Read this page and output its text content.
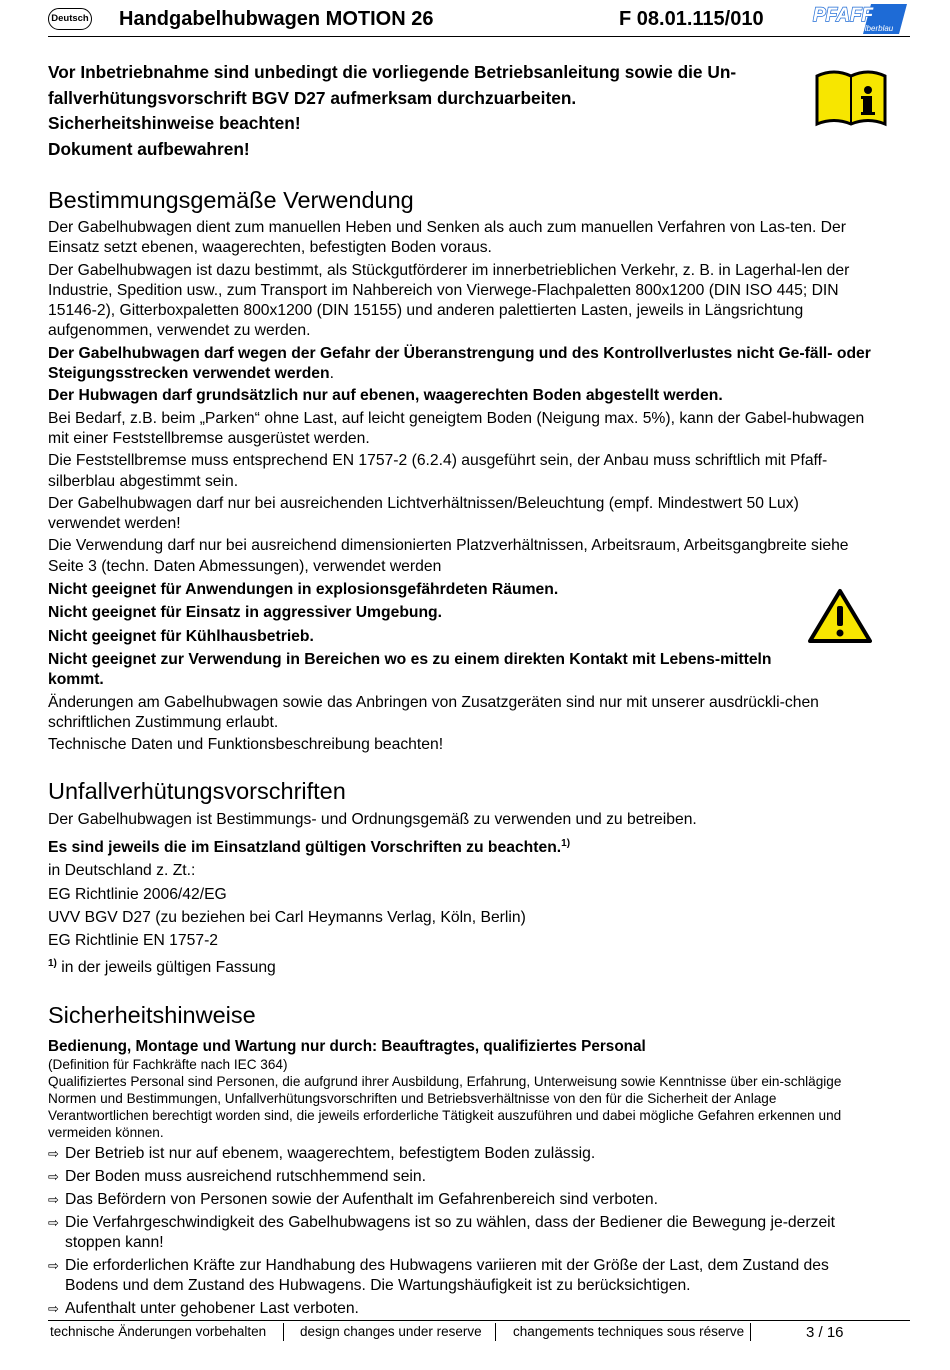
Deutsch Handgabelhubwagen MOTION 26	F 08.01.115/010	PFAFF
silberblau
Vor Inbetriebnahme sind unbedingt die vorliegende Betriebsanleitung sowie die Un-
fallverhütungsvorschrift BGV D27 aufmerksam durchzuarbeiten.
Sicherheitshinweise beachten!
Dokument aufbewahren!
Bestimmungsgemäße Verwendung

Der Gabelhubwagen dient zum manuellen Heben und Senken als auch zum manuellen Verfahren von Las-ten. Der Einsatz setzt ebenen, waagerechten, befestigten Boden voraus.

Der Gabelhubwagen ist dazu bestimmt, als Stückgutförderer im innerbetrieblichen Verkehr, z. B. in Lagerhal-len der Industrie, Spedition usw., zum Transport im Nahbereich von Vierwege-Flachpaletten 800x1200 (DIN ISO 445; DIN 15146-2), Gitterboxpaletten 800x1200 (DIN 15155) und anderen palettierten Lasten, jeweils in Längsrichtung aufgenommen, verwendet zu werden.

Der Gabelhubwagen darf wegen der Gefahr der Überanstrengung und des Kontrollverlustes nicht Ge-fäll- oder Steigungsstrecken verwendet werden.

Der Hubwagen darf grundsätzlich nur auf ebenen, waagerechten Boden abgestellt werden.

Bei Bedarf, z.B. beim „Parken“ ohne Last, auf leicht geneigtem Boden (Neigung max. 5%), kann der Gabel-hubwagen mit einer Feststellbremse ausgerüstet werden.

Die Feststellbremse muss entsprechend EN 1757-2 (6.2.4) ausgeführt sein, der Anbau muss schriftlich mit Pfaff-silberblau abgestimmt sein.

Der Gabelhubwagen darf nur bei ausreichenden Lichtverhältnissen/Beleuchtung (empf. Mindestwert 50 Lux) verwendet werden!

Die Verwendung darf nur bei ausreichend dimensionierten Platzverhältnissen, Arbeitsraum, Arbeitsgangbreite siehe Seite 3 (techn. Daten Abmessungen), verwendet werden

Nicht geeignet für Anwendungen in explosionsgefährdeten Räumen.

Nicht geeignet für Einsatz in aggressiver Umgebung.

Nicht geeignet für Kühlhausbetrieb.

Nicht geeignet zur Verwendung in Bereichen wo es zu einem direkten Kontakt mit Lebens-mitteln kommt.

Änderungen am Gabelhubwagen sowie das Anbringen von Zusatzgeräten sind nur mit unserer ausdrückli-chen schriftlichen Zustimmung erlaubt.

Technische Daten und Funktionsbeschreibung beachten!

Unfallverhütungsvorschriften

Der Gabelhubwagen ist Bestimmungs- und Ordnungsgemäß zu verwenden und zu betreiben.

Es sind jeweils die im Einsatzland gültigen Vorschriften zu beachten.$^{1)}$

in Deutschland z. Zt.:

EG Richtlinie 2006/42/EG

UVV BGV D27 (zu beziehen bei Carl Heymanns Verlag, Köln, Berlin)

EG Richtlinie EN 1757-2

$^{1)}$ in der jeweils gültigen Fassung

Sicherheitshinweise

Bedienung, Montage und Wartung nur durch: Beauftragtes, qualifiziertes Personal

(Definition für Fachkräfte nach IEC 364)

Qualifiziertes Personal sind Personen, die aufgrund ihrer Ausbildung, Erfahrung, Unterweisung sowie Kenntnisse über ein-schlägige Normen und Bestimmungen, Unfallverhütungsvorschriften und Betriebsverhältnisse von den für die Sicherheit der Anlage Verantwortlichen berechtigt worden sind, die jeweils erforderliche Tätigkeit auszuführen und dabei mögliche Gefahren erkennen und vermeiden können.

⇨ Der Betrieb ist nur auf ebenem, waagerechtem, befestigtem Boden zulässig.
⇨ Der Boden muss ausreichend rutschhemmend sein.
⇨ Das Befördern von Personen sowie der Aufenthalt im Gefahrenbereich sind verboten.
⇨ Die Verfahrgeschwindigkeit des Gabelhubwagens ist so zu wählen, dass der Bediener die Bewegung je-derzeit stoppen kann!
⇨ Die erforderlichen Kräfte zur Handhabung des Hubwagens variieren mit der Größe der Last, dem Zustand des Bodens und dem Zustand des Hubwagens. Die Wartungshäufigkeit ist zu berücksichtigen.
⇨ Aufenthalt unter gehobener Last verboten.
technische Änderungen vorbehalten	design changes under reserve changements techniques sous réserve	3 / 16
